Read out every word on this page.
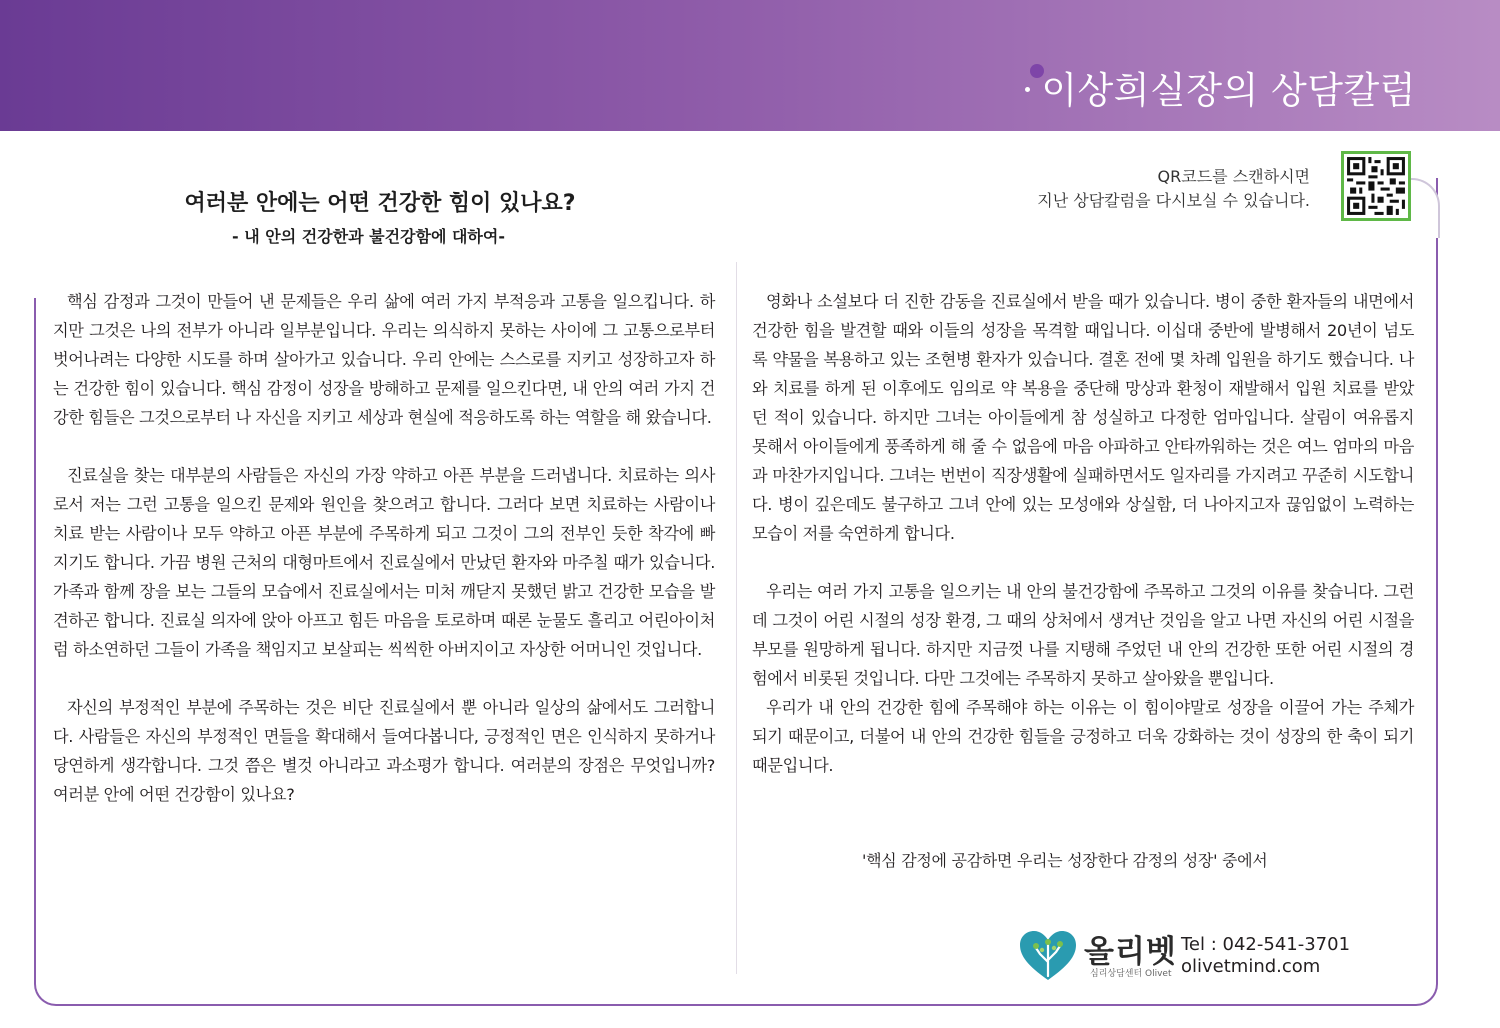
이상희실장의 상담칼럼
여러분 안에는 어떤 건강한 힘이 있나요?
- 내 안의 건강한과 불건강함에 대하여-
QR코드를 스캔하시면
지난 상담칼럼을 다시보실 수 있습니다.

핵심 감정과 그것이 만들어 낸 문제들은 우리 삶에 여러 가지 부적응과 고통을 일으킵니다. 하지만 그것은 나의 전부가 아니라 일부분입니다. 우리는 의식하지 못하는 사이에 그 고통으로부터 벗어나려는 다양한 시도를 하며 살아가고 있습니다. 우리 안에는 스스로를 지키고 성장하고자 하는 건강한 힘이 있습니다. 핵심 감정이 성장을 방해하고 문제를 일으킨다면, 내 안의 여러 가지 건강한 힘들은 그것으로부터 나 자신을 지키고 세상과 현실에 적응하도록 하는 역할을 해 왔습니다.

진료실을 찾는 대부분의 사람들은 자신의 가장 약하고 아픈 부분을 드러냅니다. 치료하는 의사로서 저는 그런 고통을 일으킨 문제와 원인을 찾으려고 합니다. 그러다 보면 치료하는 사람이나 치료 받는 사람이나 모두 약하고 아픈 부분에 주목하게 되고 그것이 그의 전부인 듯한 착각에 빠지기도 합니다. 가끔 병원 근처의 대형마트에서 진료실에서 만났던 환자와 마주칠 때가 있습니다. 가족과 함께 장을 보는 그들의 모습에서 진료실에서는 미처 깨닫지 못했던 밝고 건강한 모습을 발견하곤 합니다. 진료실 의자에 앉아 아프고 힘든 마음을 토로하며 때론 눈물도 흘리고 어린아이처럼 하소연하던 그들이 가족을 책임지고 보살피는 씩씩한 아버지이고 자상한 어머니인 것입니다.

자신의 부정적인 부분에 주목하는 것은 비단 진료실에서 뿐 아니라 일상의 삶에서도 그러합니다. 사람들은 자신의 부정적인 면들을 확대해서 들여다봅니다, 긍정적인 면은 인식하지 못하거나 당연하게 생각합니다. 그것 쯤은 별것 아니라고 과소평가 합니다. 여러분의 장점은 무엇입니까? 여러분 안에 어떤 건강함이 있나요?

영화나 소설보다 더 진한 감동을 진료실에서 받을 때가 있습니다. 병이 중한 환자들의 내면에서 건강한 힘을 발견할 때와 이들의 성장을 목격할 때입니다. 이십대 중반에 발병해서 20년이 넘도록 약물을 복용하고 있는 조현병 환자가 있습니다. 결혼 전에 몇 차례 입원을 하기도 했습니다. 나와 치료를 하게 된 이후에도 임의로 약 복용을 중단해 망상과 환청이 재발해서 입원 치료를 받았던 적이 있습니다. 하지만 그녀는 아이들에게 참 성실하고 다정한 엄마입니다. 살림이 여유롭지 못해서 아이들에게 풍족하게 해 줄 수 없음에 마음 아파하고 안타까워하는 것은 여느 엄마의 마음과 마찬가지입니다. 그녀는 번번이 직장생활에 실패하면서도 일자리를 가지려고 꾸준히 시도합니다. 병이 깊은데도 불구하고 그녀 안에 있는 모성애와 상실함, 더 나아지고자 끊임없이 노력하는 모습이 저를 숙연하게 합니다.

우리는 여러 가지 고통을 일으키는 내 안의 불건강함에 주목하고 그것의 이유를 찾습니다. 그런데 그것이 어린 시절의 성장 환경, 그 때의 상처에서 생겨난 것임을 알고 나면 자신의 어린 시절을 부모를 원망하게 됩니다. 하지만 지금껏 나를 지탱해 주었던 내 안의 건강한 또한 어린 시절의 경험에서 비롯된 것입니다. 다만 그것에는 주목하지 못하고 살아왔을 뿐입니다.

우리가 내 안의 건강한 힘에 주목해야 하는 이유는 이 힘이야말로 성장을 이끌어 가는 주체가 되기 때문이고, 더불어 내 안의 건강한 힘들을 긍정하고 더욱 강화하는 것이 성장의 한 축이 되기 때문입니다.

'핵심 감정에 공감하면 우리는 성장한다 감정의 성장' 중에서
올리벳
심리상담센터 Olivet
Tel : 042-541-3701
olivetmind.com
